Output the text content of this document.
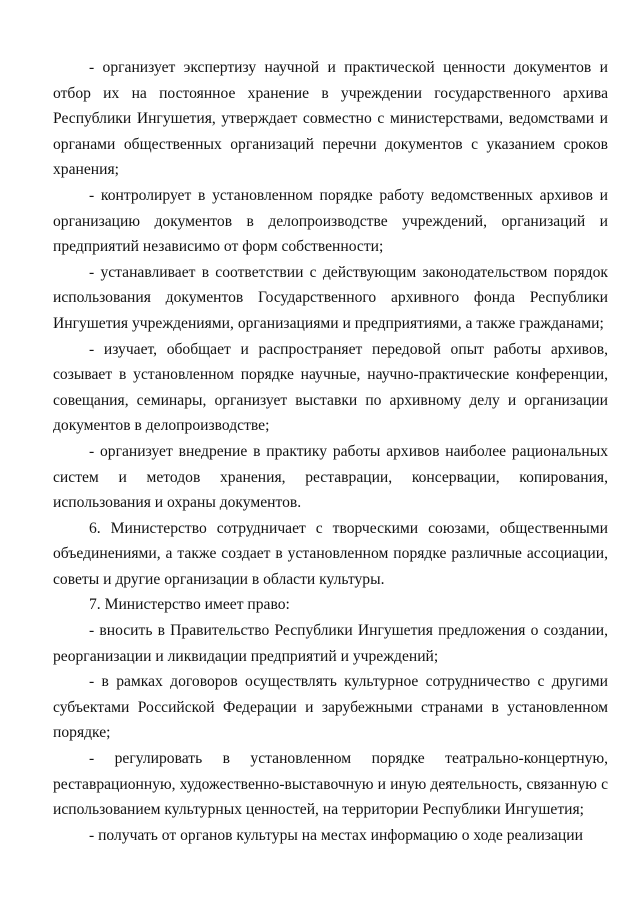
- организует экспертизу научной и практической ценности документов и отбор их на постоянное хранение в учреждении государственного архива Республики Ингушетия, утверждает совместно с министерствами, ведомствами и органами общественных организаций перечни документов с указанием сроков хранения;

- контролирует в установленном порядке работу ведомственных архивов и организацию документов в делопроизводстве учреждений, организаций и предприятий независимо от форм собственности;

- устанавливает в соответствии с действующим законодательством порядок использования документов Государственного архивного фонда Республики Ингушетия учреждениями, организациями и предприятиями, а также гражданами;

- изучает, обобщает и распространяет передовой опыт работы архивов, созывает в установленном порядке научные, научно-практические конференции, совещания, семинары, организует выставки по архивному делу и организации документов в делопроизводстве;

- организует внедрение в практику работы архивов наиболее рациональных систем и методов хранения, реставрации, консервации, копирования, использования и охраны документов.

6. Министерство сотрудничает с творческими союзами, общественными объединениями, а также создает в установленном порядке различные ассоциации, советы и другие организации в области культуры.

7. Министерство имеет право:

- вносить в Правительство Республики Ингушетия предложения о создании, реорганизации и ликвидации предприятий и учреждений;

- в рамках договоров осуществлять культурное сотрудничество с другими субъектами Российской Федерации и зарубежными странами в установленном порядке;

- регулировать в установленном порядке театрально-концертную, реставрационную, художественно-выставочную и иную деятельность, связанную с использованием культурных ценностей, на территории Республики Ингушетия;

- получать от органов культуры на местах информацию о ходе реализации
